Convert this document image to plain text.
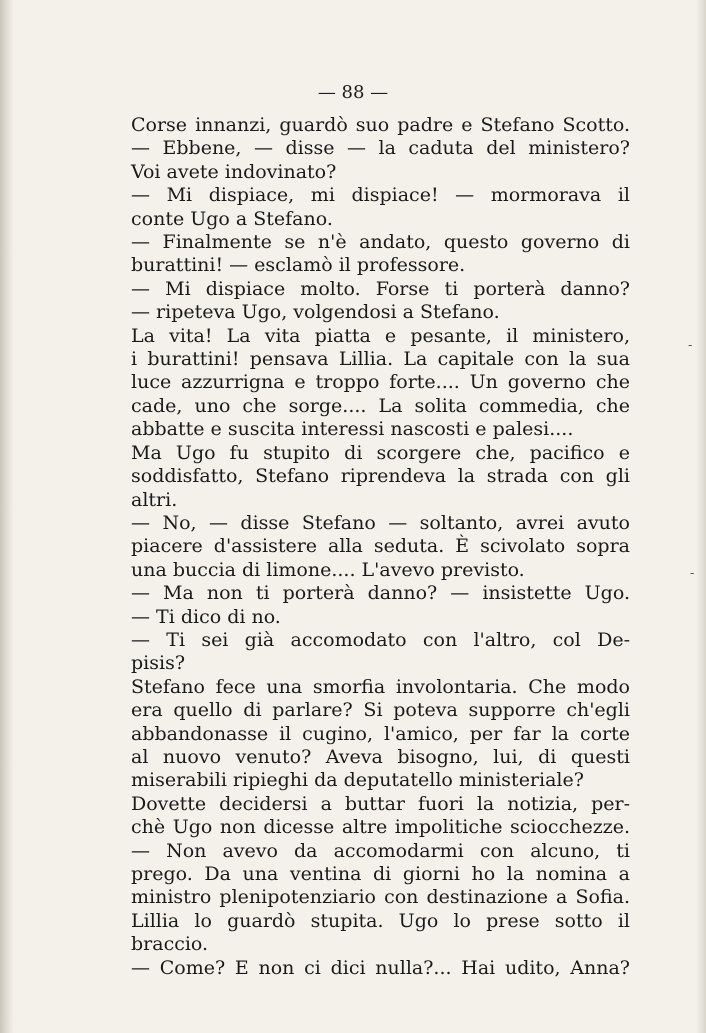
— 88 —
Corse innanzi, guardò suo padre e Stefano Scotto.
— Ebbene, — disse — la caduta del ministero?
Voi avete indovinato?
— Mi dispiace, mi dispiace! — mormorava il
conte Ugo a Stefano.
— Finalmente se n'è andato, questo governo di
burattini! — esclamò il professore.
— Mi dispiace molto. Forse ti porterà danno?
— ripeteva Ugo, volgendosi a Stefano.
La vita! La vita piatta e pesante, il ministero,
i burattini! pensava Lillia. La capitale con la sua
luce azzurrigna e troppo forte.... Un governo che
cade, uno che sorge.... La solita commedia, che
abbatte e suscita interessi nascosti e palesi....
Ma Ugo fu stupito di scorgere che, pacifico e
soddisfatto, Stefano riprendeva la strada con gli
altri.
— No, — disse Stefano — soltanto, avrei avuto
piacere d'assistere alla seduta. È scivolato sopra
una buccia di limone.... L'avevo previsto.
— Ma non ti porterà danno? — insistette Ugo.
— Ti dico di no.
— Ti sei già accomodato con l'altro, col De-
pisis?
Stefano fece una smorfia involontaria. Che modo
era quello di parlare? Si poteva supporre ch'egli
abbandonasse il cugino, l'amico, per far la corte
al nuovo venuto? Aveva bisogno, lui, di questi
miserabili ripieghi da deputatello ministeriale?
Dovette decidersi a buttar fuori la notizia, per-
chè Ugo non dicesse altre impolitiche sciocchezze.
— Non avevo da accomodarmi con alcuno, ti
prego. Da una ventina di giorni ho la nomina a
ministro plenipotenziario con destinazione a Sofia.
Lillia lo guardò stupita. Ugo lo prese sotto il
braccio.
— Come? E non ci dici nulla?... Hai udito, Anna?
-
-
